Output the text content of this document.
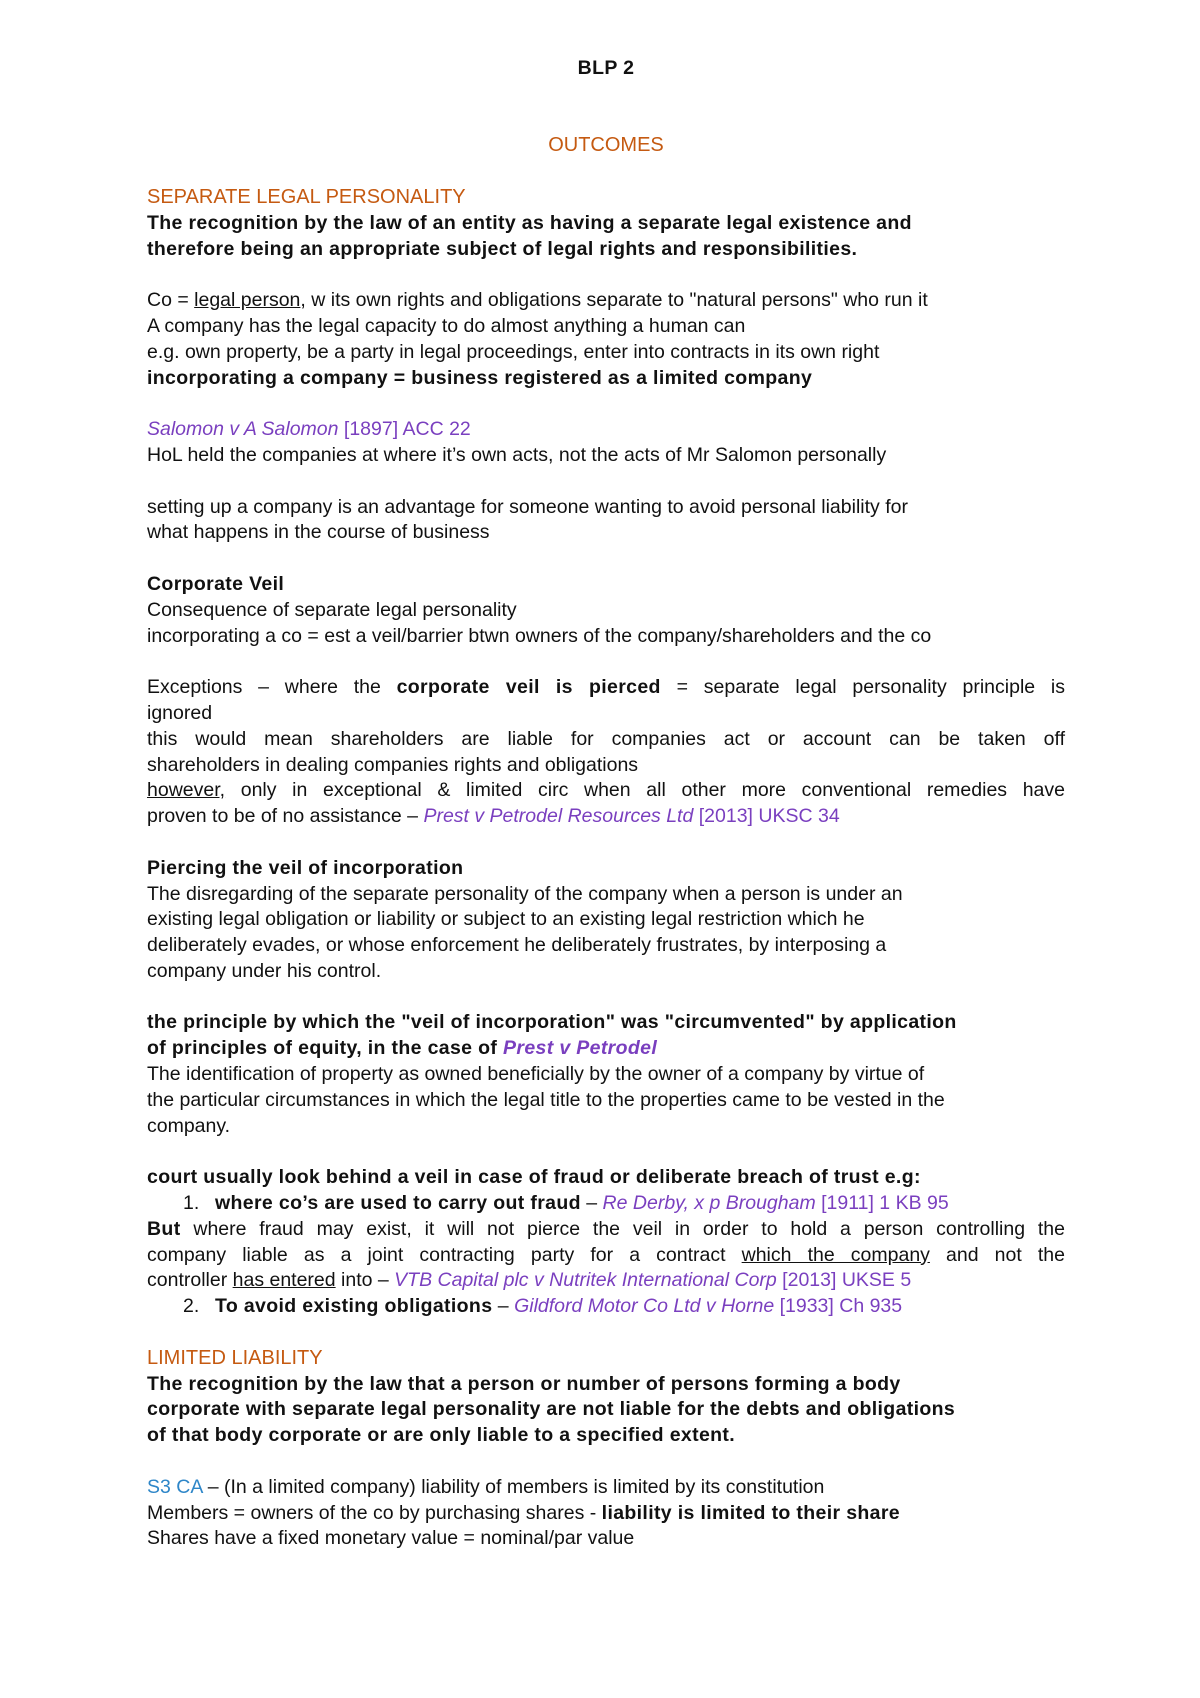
BLP 2

OUTCOMES

SEPARATE LEGAL PERSONALITY

The recognition by the law of an entity as having a separate legal existence and

therefore being an appropriate subject of legal rights and responsibilities.

Co = legal person, w its own rights and obligations separate to "natural persons" who run it

A company has the legal capacity to do almost anything a human can

e.g. own property, be a party in legal proceedings, enter into contracts in its own right

incorporating a company = business registered as a limited company

Salomon v A Salomon [1897] ACC 22

HoL held the companies at where it’s own acts, not the acts of Mr Salomon personally

setting up a company is an advantage for someone wanting to avoid personal liability for

what happens in the course of business

Corporate Veil

Consequence of separate legal personality

incorporating a co = est a veil/barrier btwn owners of the company/shareholders and the co

Exceptions – where the corporate veil is pierced = separate legal personality principle is

ignored

this would mean shareholders are liable for companies act or account can be taken off

shareholders in dealing companies rights and obligations

however, only in exceptional & limited circ when all other more conventional remedies have

proven to be of no assistance – Prest v Petrodel Resources Ltd [2013] UKSC 34

Piercing the veil of incorporation

The disregarding of the separate personality of the company when a person is under an

existing legal obligation or liability or subject to an existing legal restriction which he

deliberately evades, or whose enforcement he deliberately frustrates, by interposing a

company under his control.

the principle by which the "veil of incorporation" was "circumvented" by application

of principles of equity, in the case of Prest v Petrodel

The identification of property as owned beneficially by the owner of a company by virtue of

the particular circumstances in which the legal title to the properties came to be vested in the

company.

court usually look behind a veil in case of fraud or deliberate breach of trust e.g:

1. where co’s are used to carry out fraud – Re Derby, x p Brougham [1911] 1 KB 95

But where fraud may exist, it will not pierce the veil in order to hold a person controlling the

company liable as a joint contracting party for a contract which the company and not the

controller has entered into – VTB Capital plc v Nutritek International Corp [2013] UKSE 5

2. To avoid existing obligations – Gildford Motor Co Ltd v Horne [1933] Ch 935

LIMITED LIABILITY

The recognition by the law that a person or number of persons forming a body

corporate with separate legal personality are not liable for the debts and obligations

of that body corporate or are only liable to a specified extent.

S3 CA – (In a limited company) liability of members is limited by its constitution

Members = owners of the co by purchasing shares - liability is limited to their share

Shares have a fixed monetary value = nominal/par value
